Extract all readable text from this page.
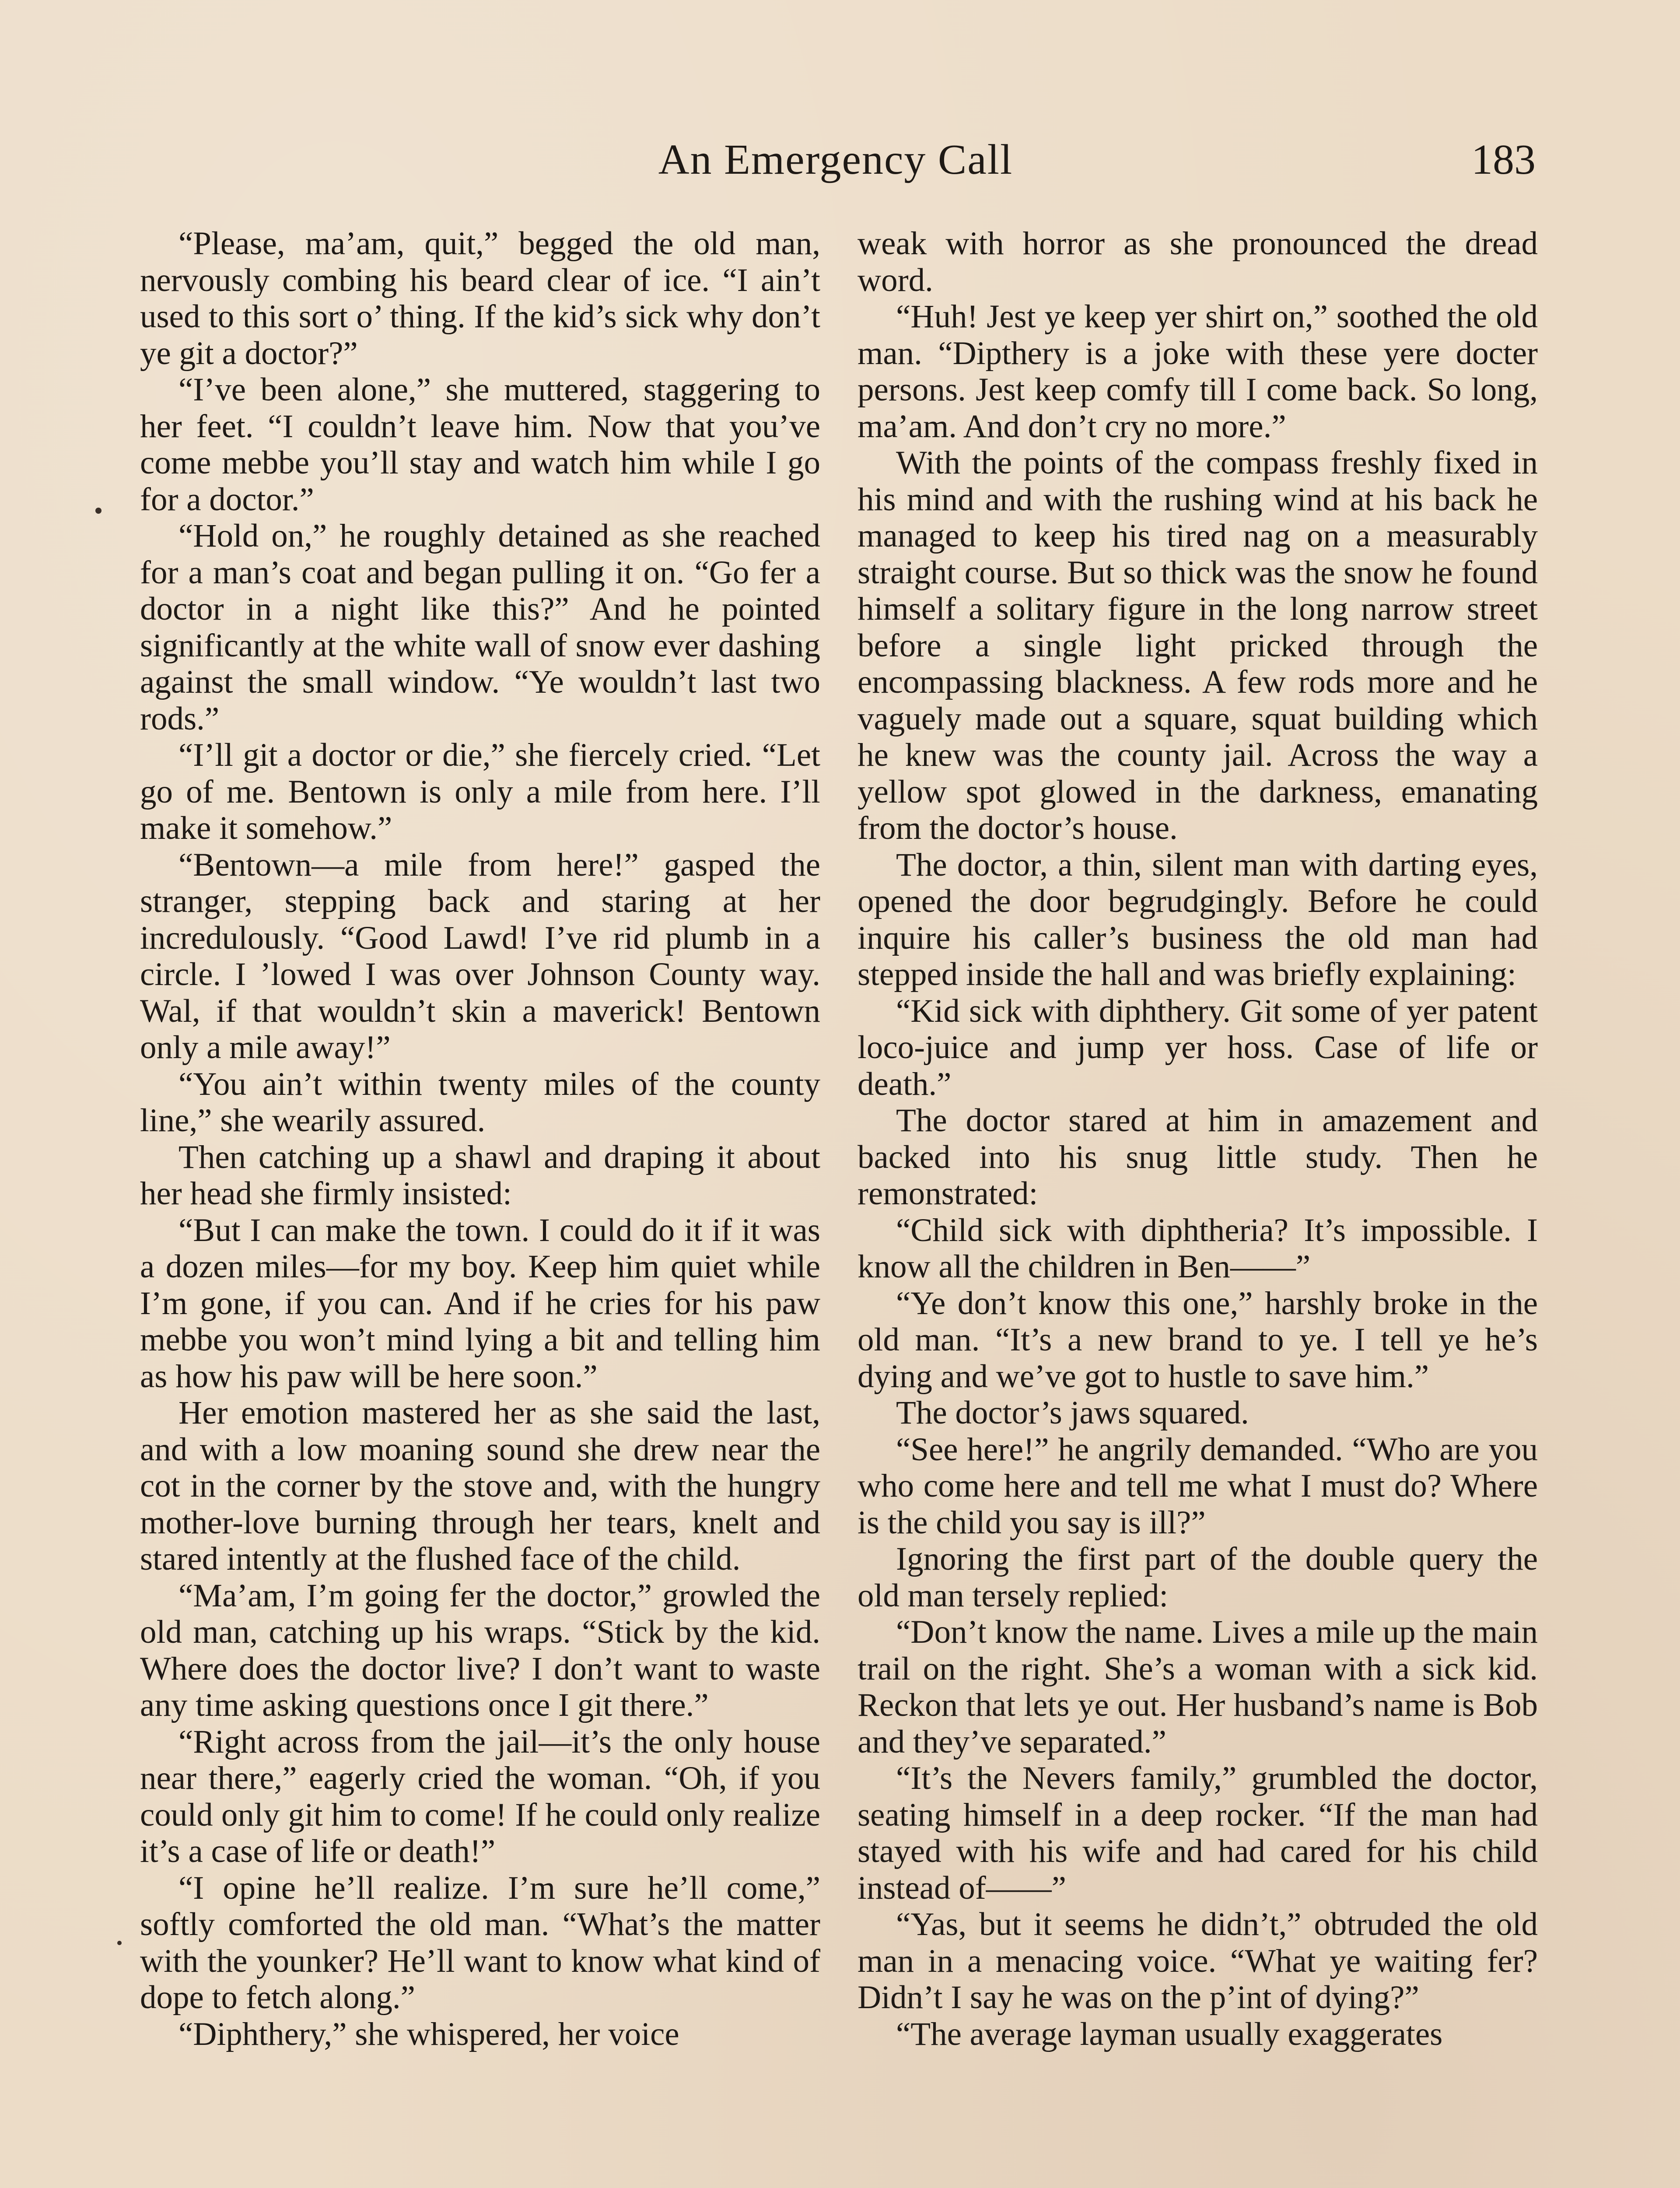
An Emergency Call	183

“Please, ma’am, quit,” begged the old man, nervously combing his beard clear of ice. “I ain’t used to this sort o’ thing. If the kid’s sick why don’t ye git a doctor?”

“I’ve been alone,” she muttered, staggering to her feet. “I couldn’t leave him. Now that you’ve come mebbe you’ll stay and watch him while I go for a doctor.”

“Hold on,” he roughly detained as she reached for a man’s coat and began pulling it on. “Go fer a doctor in a night like this?” And he pointed significantly at the white wall of snow ever dashing against the small window. “Ye wouldn’t last two rods.”

“I’ll git a doctor or die,” she fiercely cried. “Let go of me. Bentown is only a mile from here. I’ll make it somehow.”

“Bentown—a mile from here!” gasped the stranger, stepping back and staring at her incredulously. “Good Lawd! I’ve rid plumb in a circle. I ’lowed I was over Johnson County way. Wal, if that wouldn’t skin a maverick! Bentown only a mile away!”

“You ain’t within twenty miles of the county line,” she wearily assured.

Then catching up a shawl and draping it about her head she firmly insisted:

“But I can make the town. I could do it if it was a dozen miles—for my boy. Keep him quiet while I’m gone, if you can. And if he cries for his paw mebbe you won’t mind lying a bit and telling him as how his paw will be here soon.”

Her emotion mastered her as she said the last, and with a low moaning sound she drew near the cot in the corner by the stove and, with the hungry mother-love burning through her tears, knelt and stared intently at the flushed face of the child.

“Ma’am, I’m going fer the doctor,” growled the old man, catching up his wraps. “Stick by the kid. Where does the doctor live? I don’t want to waste any time asking questions once I git there.”

“Right across from the jail—it’s the only house near there,” eagerly cried the woman. “Oh, if you could only git him to come! If he could only realize it’s a case of life or death!”

“I opine he’ll realize. I’m sure he’ll come,” softly comforted the old man. “What’s the matter with the younker? He’ll want to know what kind of dope to fetch along.”

“Diphthery,” she whispered, her voice

weak with horror as she pronounced the dread word.

“Huh! Jest ye keep yer shirt on,” soothed the old man. “Dipthery is a joke with these yere docter persons. Jest keep comfy till I come back. So long, ma’am. And don’t cry no more.”

With the points of the compass freshly fixed in his mind and with the rushing wind at his back he managed to keep his tired nag on a measurably straight course. But so thick was the snow he found himself a solitary figure in the long narrow street before a single light pricked through the encompassing blackness. A few rods more and he vaguely made out a square, squat building which he knew was the county jail. Across the way a yellow spot glowed in the darkness, emanating from the doctor’s house.

The doctor, a thin, silent man with darting eyes, opened the door begrudgingly. Before he could inquire his caller’s business the old man had stepped inside the hall and was briefly explaining:

“Kid sick with diphthery. Git some of yer patent loco-juice and jump yer hoss. Case of life or death.”

The doctor stared at him in amazement and backed into his snug little study. Then he remonstrated:

“Child sick with diphtheria? It’s impossible. I know all the children in Ben——”

“Ye don’t know this one,” harshly broke in the old man. “It’s a new brand to ye. I tell ye he’s dying and we’ve got to hustle to save him.”

The doctor’s jaws squared.

“See here!” he angrily demanded. “Who are you who come here and tell me what I must do? Where is the child you say is ill?”

Ignoring the first part of the double query the old man tersely replied:

“Don’t know the name. Lives a mile up the main trail on the right. She’s a woman with a sick kid. Reckon that lets ye out. Her husband’s name is Bob and they’ve separated.”

“It’s the Nevers family,” grumbled the doctor, seating himself in a deep rocker. “If the man had stayed with his wife and had cared for his child instead of——”

“Yas, but it seems he didn’t,” obtruded the old man in a menacing voice. “What ye waiting fer? Didn’t I say he was on the p’int of dying?”

“The average layman usually exaggerates
